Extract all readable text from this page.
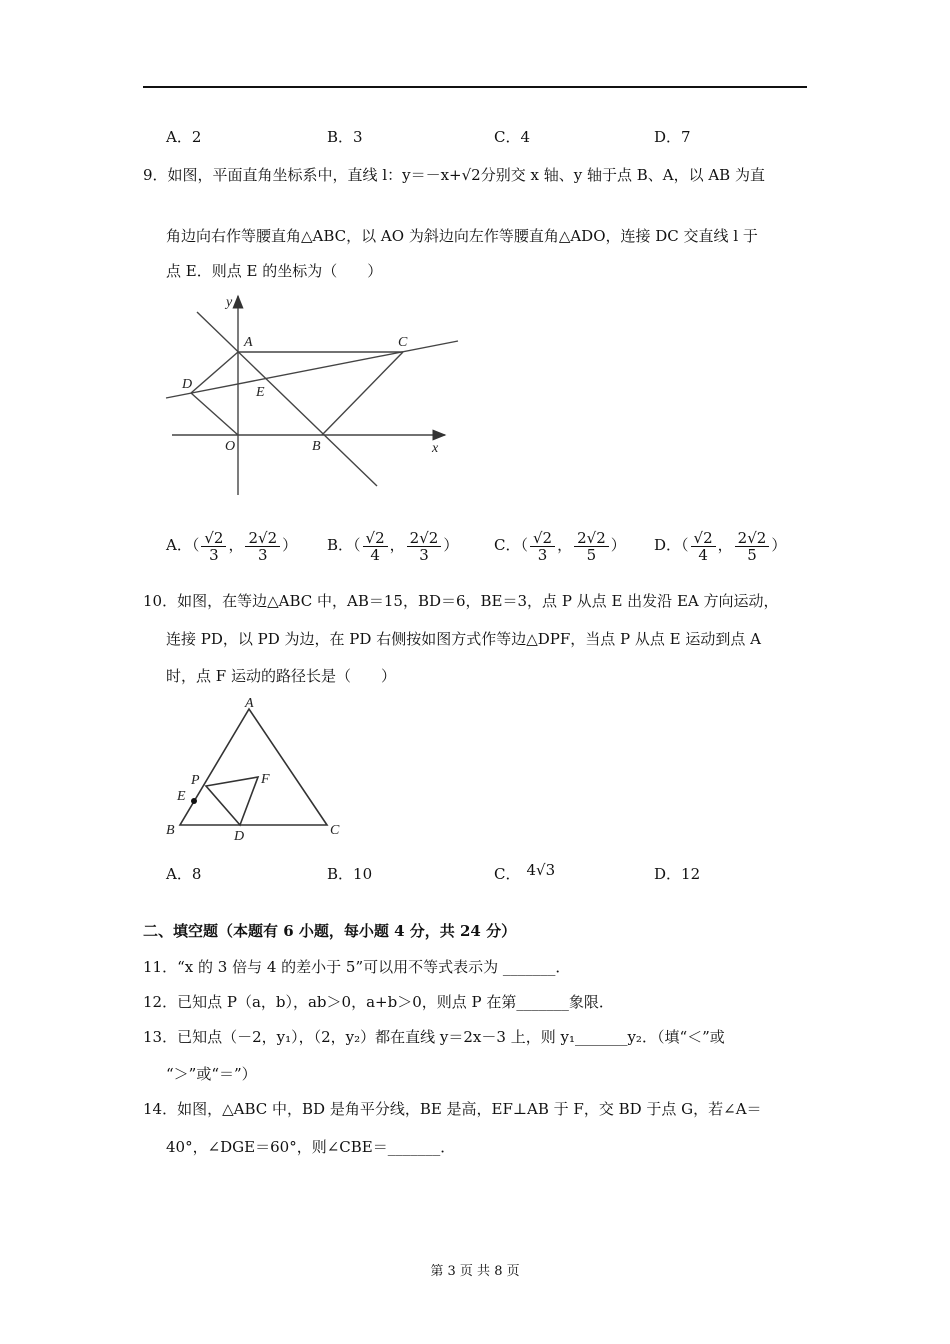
A．2	B．3	C．4	D．7
9．如图，平面直角坐标系中，直线 l：y＝－x+√2分别交 x 轴、y 轴于点 B、A，以 AB 为直
角边向右作等腰直角△ABC，以 AO 为斜边向左作等腰直角△ADO，连接 DC 交直线 l 于
点 E．则点 E 的坐标为（　　）
y
x
A	C
D
E
O	B
A．（ $\frac{√2}{3}$ ， $\frac{2√2}{3}$ ） B．（ $\frac{√2}{4}$ ， $\frac{2√2}{3}$ ） C．（ $\frac{√2}{3}$ ， $\frac{2√2}{5}$ ） D．（ $\frac{√2}{4}$ ， $\frac{2√2}{5}$ ）
10．如图，在等边△ABC 中，AB＝15，BD＝6，BE＝3，点 P 从点 E 出发沿 EA 方向运动，
连接 PD，以 PD 为边，在 PD 右侧按如图方式作等边△DPF，当点 P 从点 E 运动到点 A
时，点 F 运动的路径长是（　　）
A
P	F
E
B	D	C
A．8	B．10	C． 4√3	D．12
二、填空题（本题有 6 小题，每小题 4 分，共 24 分）
11．“x 的 3 倍与 4 的差小于 5”可以用不等式表示为 _______．
12．已知点 P（a，b），ab＞0，a+b＞0，则点 P 在第_______象限．
13．已知点（－2，y₁），（2，y₂）都在直线 y＝2x－3 上，则 y₁_______y₂．（填“＜”或
“＞”或“＝”）
14．如图，△ABC 中，BD 是角平分线，BE 是高，EF⊥AB 于 F，交 BD 于点 G，若∠A＝
40°，∠DGE＝60°，则∠CBE＝_______．
第 3 页 共 8 页
